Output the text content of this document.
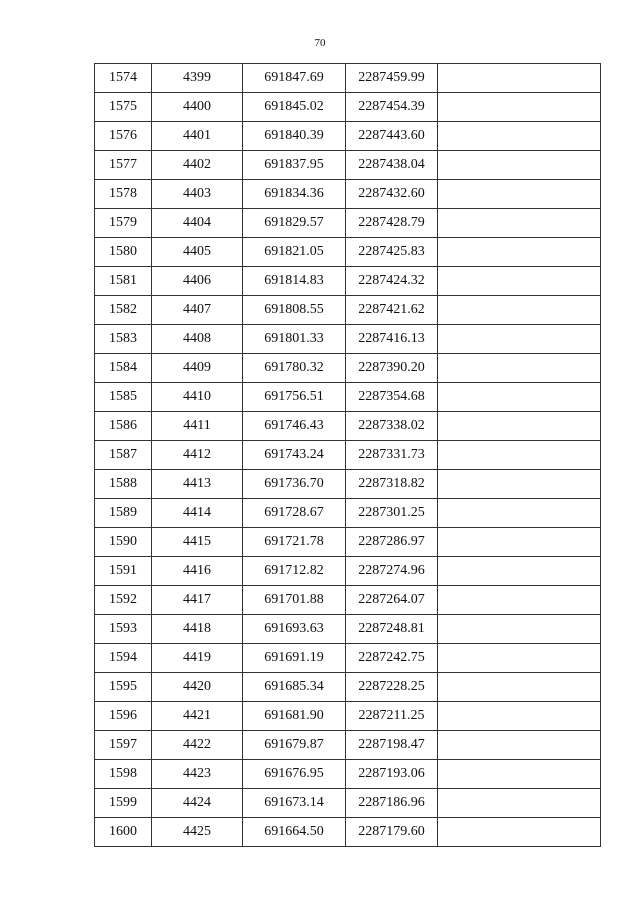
70
1574	4399	691847.69	2287459.99	
1575	4400	691845.02	2287454.39	
1576	4401	691840.39	2287443.60	
1577	4402	691837.95	2287438.04	
1578	4403	691834.36	2287432.60	
1579	4404	691829.57	2287428.79	
1580	4405	691821.05	2287425.83	
1581	4406	691814.83	2287424.32	
1582	4407	691808.55	2287421.62	
1583	4408	691801.33	2287416.13	
1584	4409	691780.32	2287390.20	
1585	4410	691756.51	2287354.68	
1586	4411	691746.43	2287338.02	
1587	4412	691743.24	2287331.73	
1588	4413	691736.70	2287318.82	
1589	4414	691728.67	2287301.25	
1590	4415	691721.78	2287286.97	
1591	4416	691712.82	2287274.96	
1592	4417	691701.88	2287264.07	
1593	4418	691693.63	2287248.81	
1594	4419	691691.19	2287242.75	
1595	4420	691685.34	2287228.25	
1596	4421	691681.90	2287211.25	
1597	4422	691679.87	2287198.47	
1598	4423	691676.95	2287193.06	
1599	4424	691673.14	2287186.96	
1600	4425	691664.50	2287179.60	
